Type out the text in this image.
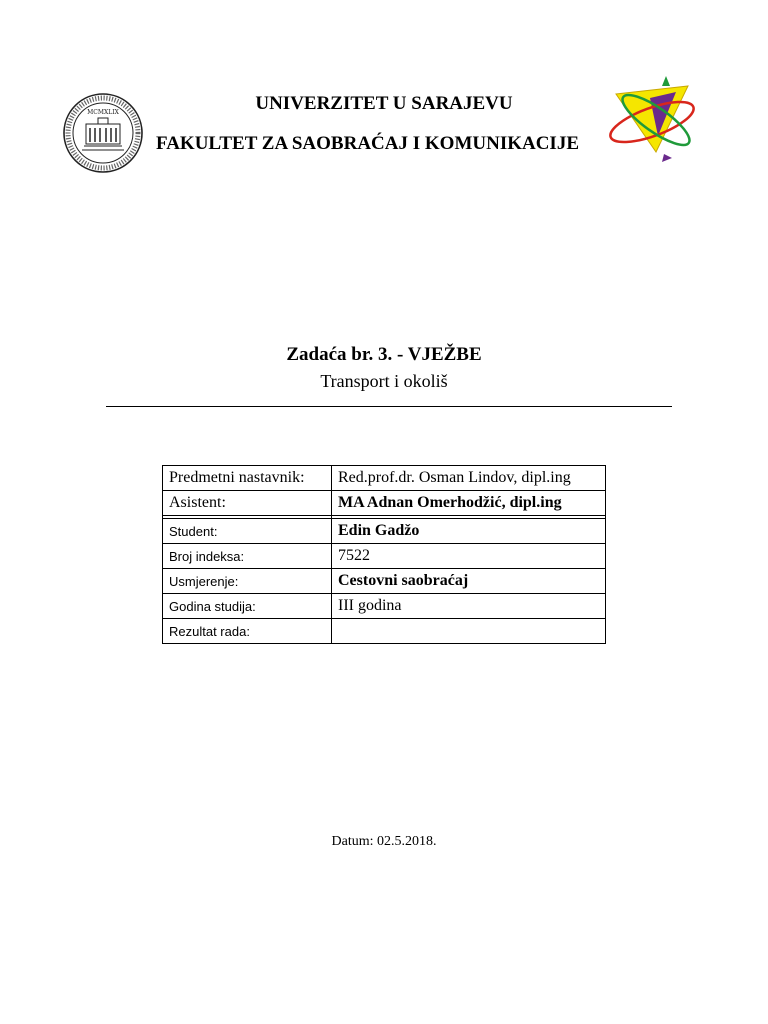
MCMXLIX	UNIVERZITET U SARAJEVU
FAKULTET ZA SAOBRAĆAJ I KOMUNIKACIJE
Zadaća br. 3. - VJEŽBE
Transport i okoliš
Predmetni nastavnik:	Red.prof.dr. Osman Lindov, dipl.ing
Asistent:	MA Adnan Omerhodžić, dipl.ing

Student:	Edin Gadžo
Broj indeksa:	7522
Usmjerenje:	Cestovni saobraćaj
Godina studija:	III godina
Rezultat rada:	
Datum: 02.5.2018.
